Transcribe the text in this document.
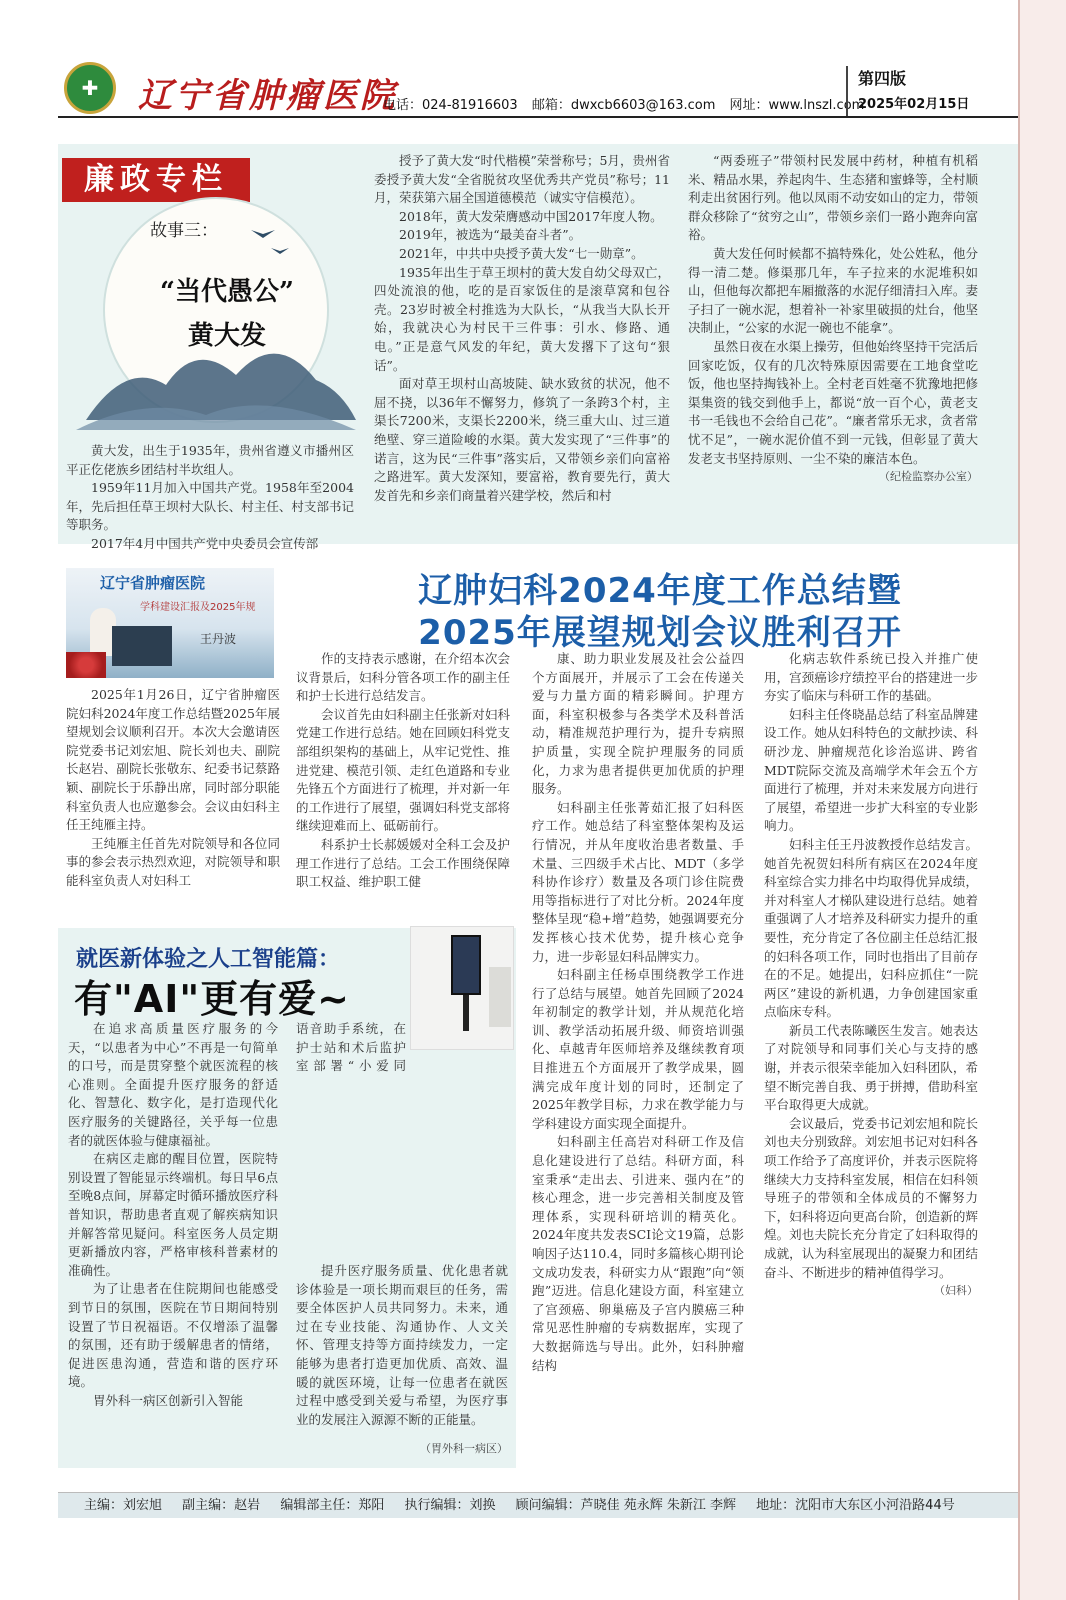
✚	辽宁省肿瘤医院
电话：024-81916603 邮箱：dwxcb6603@163.com 网址：www.lnszl.com
第四版
2025年02月15日
廉政专栏
故事三：
“当代愚公”
黄大发

黄大发，出生于1935年，贵州省遵义市播州区平正仡佬族乡团结村半坎组人。

1959年11月加入中国共产党。1958年至2004年，先后担任草王坝村大队长、村主任、村支部书记等职务。

2017年4月中国共产党中央委员会宣传部

授予了黄大发“时代楷模”荣誉称号；5月，贵州省委授予黄大发“全省脱贫攻坚优秀共产党员”称号；11月，荣获第六届全国道德模范（诚实守信模范）。

2018年，黄大发荣膺感动中国2017年度人物。

2019年，被选为“最美奋斗者”。

2021年，中共中央授予黄大发“七一勋章”。

1935年出生于草王坝村的黄大发自幼父母双亡，四处流浪的他，吃的是百家饭住的是滚草窝和包谷壳。23岁时被全村推选为大队长，“从我当大队长开始，我就决心为村民干三件事：引水、修路、通电。”正是意气风发的年纪，黄大发撂下了这句“狠话”。

面对草王坝村山高坡陡、缺水致贫的状况，他不屈不挠，以36年不懈努力，修筑了一条跨3个村，主渠长7200米，支渠长2200米，绕三重大山、过三道绝壁、穿三道险峻的水渠。黄大发实现了“三件事”的诺言，这为民“三件事”落实后，又带领乡亲们向富裕之路进军。黄大发深知，要富裕，教育要先行，黄大发首先和乡亲们商量着兴建学校，然后和村

“两委班子”带领村民发展中药材，种植有机稻米、精品水果，养起肉牛、生态猪和蜜蜂等，全村顺利走出贫困行列。他以凤雨不动安如山的定力，带领群众移除了“贫穷之山”，带领乡亲们一路小跑奔向富裕。

黄大发任何时候都不搞特殊化，处公姓私，他分得一清二楚。修渠那几年，车子拉来的水泥堆积如山，但他每次都把车厢撤落的水泥仔细清扫入库。妻子扫了一碗水泥，想着补一补家里破损的灶台，他坚决制止，“公家的水泥一碗也不能拿”。

虽然日夜在水渠上操劳，但他始终坚持干完活后回家吃饭，仅有的几次特殊原因需要在工地食堂吃饭，他也坚持掏钱补上。全村老百姓毫不犹豫地把修渠集资的钱交到他手上，都说“放一百个心，黄老支书一毛钱也不会给自己花”。“廉者常乐无求，贪者常忧不足”，一碗水泥价值不到一元钱，但彰显了黄大发老支书坚持原则、一尘不染的廉洁本色。

（纪检监察办公室）
辽宁省肿瘤医院
学科建设汇报及2025年规
王丹波
辽肿妇科2024年度工作总结暨
2025年展望规划会议胜利召开

2025年1月26日，辽宁省肿瘤医院妇科2024年度工作总结暨2025年展望规划会议顺利召开。本次大会邀请医院党委书记刘宏旭、院长刘也夫、副院长赵岩、副院长张敬东、纪委书记蔡路颖、副院长于乐静出席，同时部分职能科室负责人也应邀参会。会议由妇科主任王纯雁主持。

王纯雁主任首先对院领导和各位同事的参会表示热烈欢迎，对院领导和职能科室负责人对妇科工

作的支持表示感谢，在介绍本次会议背景后，妇科分管各项工作的副主任和护士长进行总结发言。

会议首先由妇科副主任张新对妇科党建工作进行总结。她在回顾妇科党支部组织架构的基础上，从牢记党性、推进党建、模范引领、走红色道路和专业先锋五个方面进行了梳理，并对新一年的工作进行了展望，强调妇科党支部将继续迎难而上、砥砺前行。

科系护士长郝媛媛对全科工会及护理工作进行了总结。工会工作围绕保障职工权益、维护职工健

康、助力职业发展及社会公益四个方面展开，并展示了工会在传递关爱与力量方面的精彩瞬间。护理方面，科室积极参与各类学术及科普活动，精准规范护理行为，提升专病照护质量，实现全院护理服务的同质化，力求为患者提供更加优质的护理服务。

妇科副主任张菁茹汇报了妇科医疗工作。她总结了科室整体架构及运行情况，并从年度收治患者数量、手术量、三四级手术占比、MDT（多学科协作诊疗）数量及各项门诊住院费用等指标进行了对比分析。2024年度整体呈现“稳+增”趋势，她强调要充分发挥核心技术优势，提升核心竞争力，进一步彰显妇科品牌实力。

妇科副主任杨卓围绕教学工作进行了总结与展望。她首先回顾了2024年初制定的教学计划，并从规范化培训、教学活动拓展升级、师资培训强化、卓越青年医师培养及继续教育项目推进五个方面展开了教学成果，圆满完成年度计划的同时，还制定了2025年教学目标，力求在教学能力与学科建设方面实现全面提升。

妇科副主任高岩对科研工作及信息化建设进行了总结。科研方面，科室秉承“走出去、引进来、强内在”的核心理念，进一步完善相关制度及管理体系，实现科研培训的精英化。2024年度共发表SCI论文19篇，总影响因子达110.4，同时多篇核心期刊论文成功发表，科研实力从“跟跑”向“领跑”迈进。信息化建设方面，科室建立了宫颈癌、卵巢癌及子宫内膜癌三种常见恶性肿瘤的专病数据库，实现了大数据筛选与导出。此外，妇科肿瘤结构

化病志软件系统已投入并推广使用，宫颈癌诊疗绩控平台的搭建进一步夯实了临床与科研工作的基础。

妇科主任佟晓晶总结了科室品牌建设工作。她从妇科特色的文献抄读、科研沙龙、肿瘤规范化诊治巡讲、跨省MDT院际交流及高端学术年会五个方面进行了梳理，并对未来发展方向进行了展望，希望进一步扩大科室的专业影响力。

妇科主任王丹波教授作总结发言。她首先祝贺妇科所有病区在2024年度科室综合实力排名中均取得优异成绩，并对科室人才梯队建设进行总结。她着重强调了人才培养及科研实力提升的重要性，充分肯定了各位副主任总结汇报的妇科各项工作，同时也指出了目前存在的不足。她提出，妇科应抓住“一院两区”建设的新机遇，力争创建国家重点临床专科。

新员工代表陈曦医生发言。她表达了对院领导和同事们关心与支持的感谢，并表示很荣幸能加入妇科团队，希望不断完善自我、勇于拼搏，借助科室平台取得更大成就。

会议最后，党委书记刘宏旭和院长刘也夫分别致辞。刘宏旭书记对妇科各项工作给予了高度评价，并表示医院将继续大力支持科室发展，相信在妇科领导班子的带领和全体成员的不懈努力下，妇科将迈向更高台阶，创造新的辉煌。刘也夫院长充分肯定了妇科取得的成就，认为科室展现出的凝聚力和团结奋斗、不断进步的精神值得学习。

（妇科）
就医新体验之人工智能篇：
有"AI"更有爱~

在追求高质量医疗服务的今天，“以患者为中心”不再是一句简单的口号，而是贯穿整个就医流程的核心准则。全面提升医疗服务的舒适化、智慧化、数字化，是打造现代化医疗服务的关键路径，关乎每一位患者的就医体验与健康福祉。

在病区走廊的醒目位置，医院特别设置了智能显示终端机。每日早6点至晚8点间，屏幕定时循环播放医疗科普知识，帮助患者直观了解疾病知识并解答常见疑问。科室医务人员定期更新播放内容，严格审核科普素材的准确性。

为了让患者在住院期间也能感受到节日的氛围，医院在节日期间特别设置了节日祝福语。不仅增添了温馨的氛围，还有助于缓解患者的情绪，促进医患沟通，营造和谐的医疗环境。

胃外科一病区创新引入智能

语音助手系统，在护士站和术后监护室部署“小爱同

提升医疗服务质量、优化患者就诊体验是一项长期而艰巨的任务，需要全体医护人员共同努力。未来，通过在专业技能、沟通协作、人文关怀、管理支持等方面持续发力，一定能够为患者打造更加优质、高效、温暖的就医环境，让每一位患者在就医过程中感受到关爱与希望，为医疗事业的发展注入源源不断的正能量。

（胃外科一病区）
主编：刘宏旭 副主编：赵岩 编辑部主任：郑阳 执行编辑：刘换 顾问编辑：芦晓佳 苑永辉 朱新江 李辉 地址：沈阳市大东区小河沿路44号
